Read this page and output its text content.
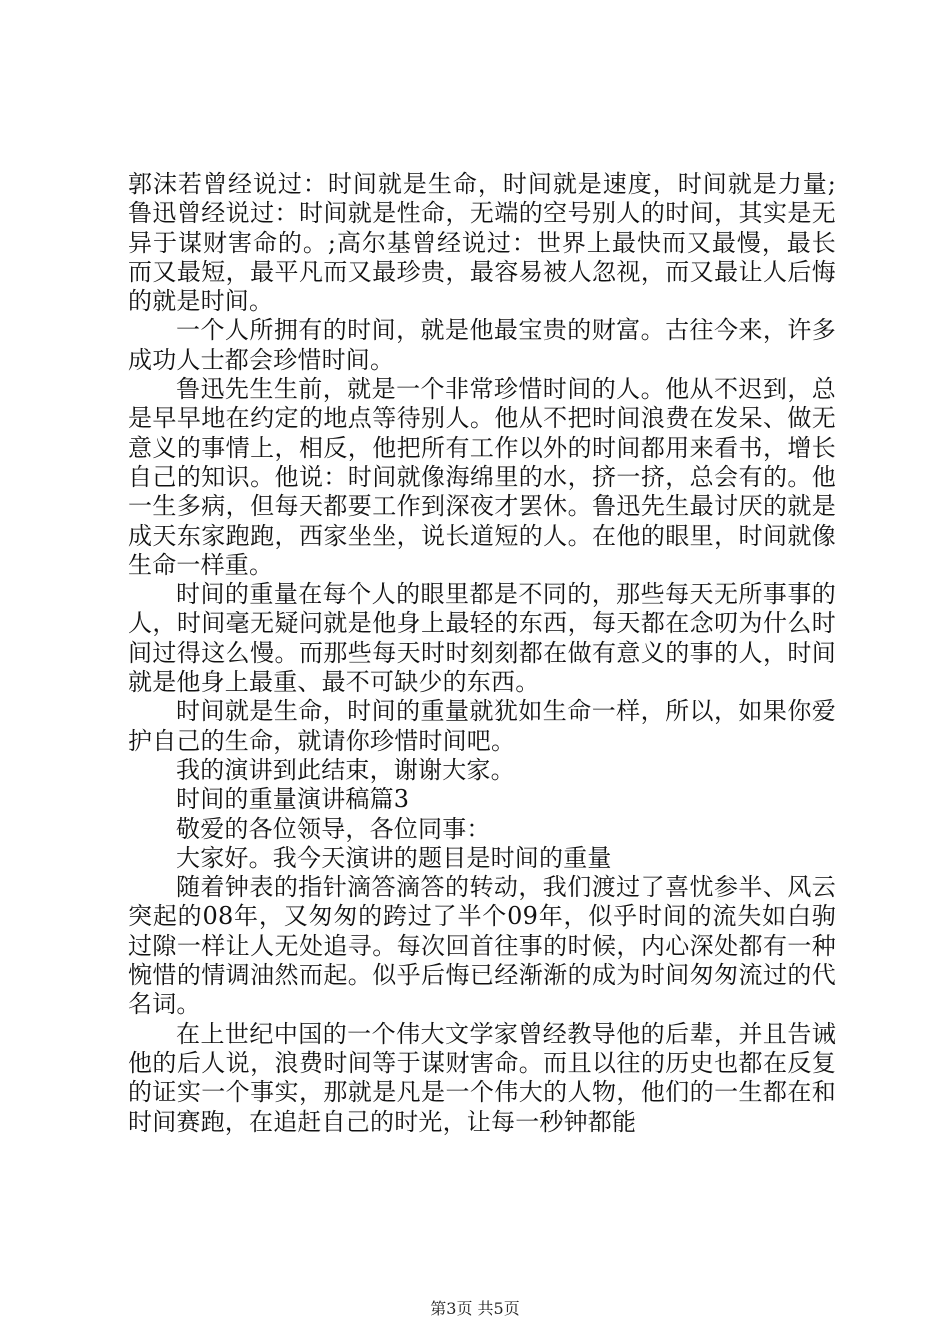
郭沫若曾经说过：时间就是生命，时间就是速度，时间就是力量;鲁迅曾经说过：时间就是性命，无端的空号别人的时间，其实是无异于谋财害命的。;高尔基曾经说过：世界上最快而又最慢，最长而又最短，最平凡而又最珍贵，最容易被人忽视，而又最让人后悔的就是时间。

一个人所拥有的时间，就是他最宝贵的财富。古往今来，许多成功人士都会珍惜时间。

鲁迅先生生前，就是一个非常珍惜时间的人。他从不迟到，总是早早地在约定的地点等待别人。他从不把时间浪费在发呆、做无意义的事情上，相反，他把所有工作以外的时间都用来看书，增长自己的知识。他说：时间就像海绵里的水，挤一挤，总会有的。他一生多病，但每天都要工作到深夜才罢休。鲁迅先生最讨厌的就是成天东家跑跑，西家坐坐，说长道短的人。在他的眼里，时间就像生命一样重。

时间的重量在每个人的眼里都是不同的，那些每天无所事事的人，时间毫无疑问就是他身上最轻的东西，每天都在念叨为什么时间过得这么慢。而那些每天时时刻刻都在做有意义的事的人，时间就是他身上最重、最不可缺少的东西。

时间就是生命，时间的重量就犹如生命一样，所以，如果你爱护自己的生命，就请你珍惜时间吧。

我的演讲到此结束，谢谢大家。

时间的重量演讲稿篇3

敬爱的各位领导，各位同事：

大家好。我今天演讲的题目是时间的重量

随着钟表的指针滴答滴答的转动，我们渡过了喜忧参半、风云突起的08年，又匆匆的跨过了半个09年，似乎时间的流失如白驹过隙一样让人无处追寻。每次回首往事的时候，内心深处都有一种惋惜的情调油然而起。似乎后悔已经渐渐的成为时间匆匆流过的代名词。

在上世纪中国的一个伟大文学家曾经教导他的后辈，并且告诫他的后人说，浪费时间等于谋财害命。而且以往的历史也都在反复的证实一个事实，那就是凡是一个伟大的人物，他们的一生都在和时间赛跑，在追赶自己的时光，让每一秒钟都能

第3页 共5页
